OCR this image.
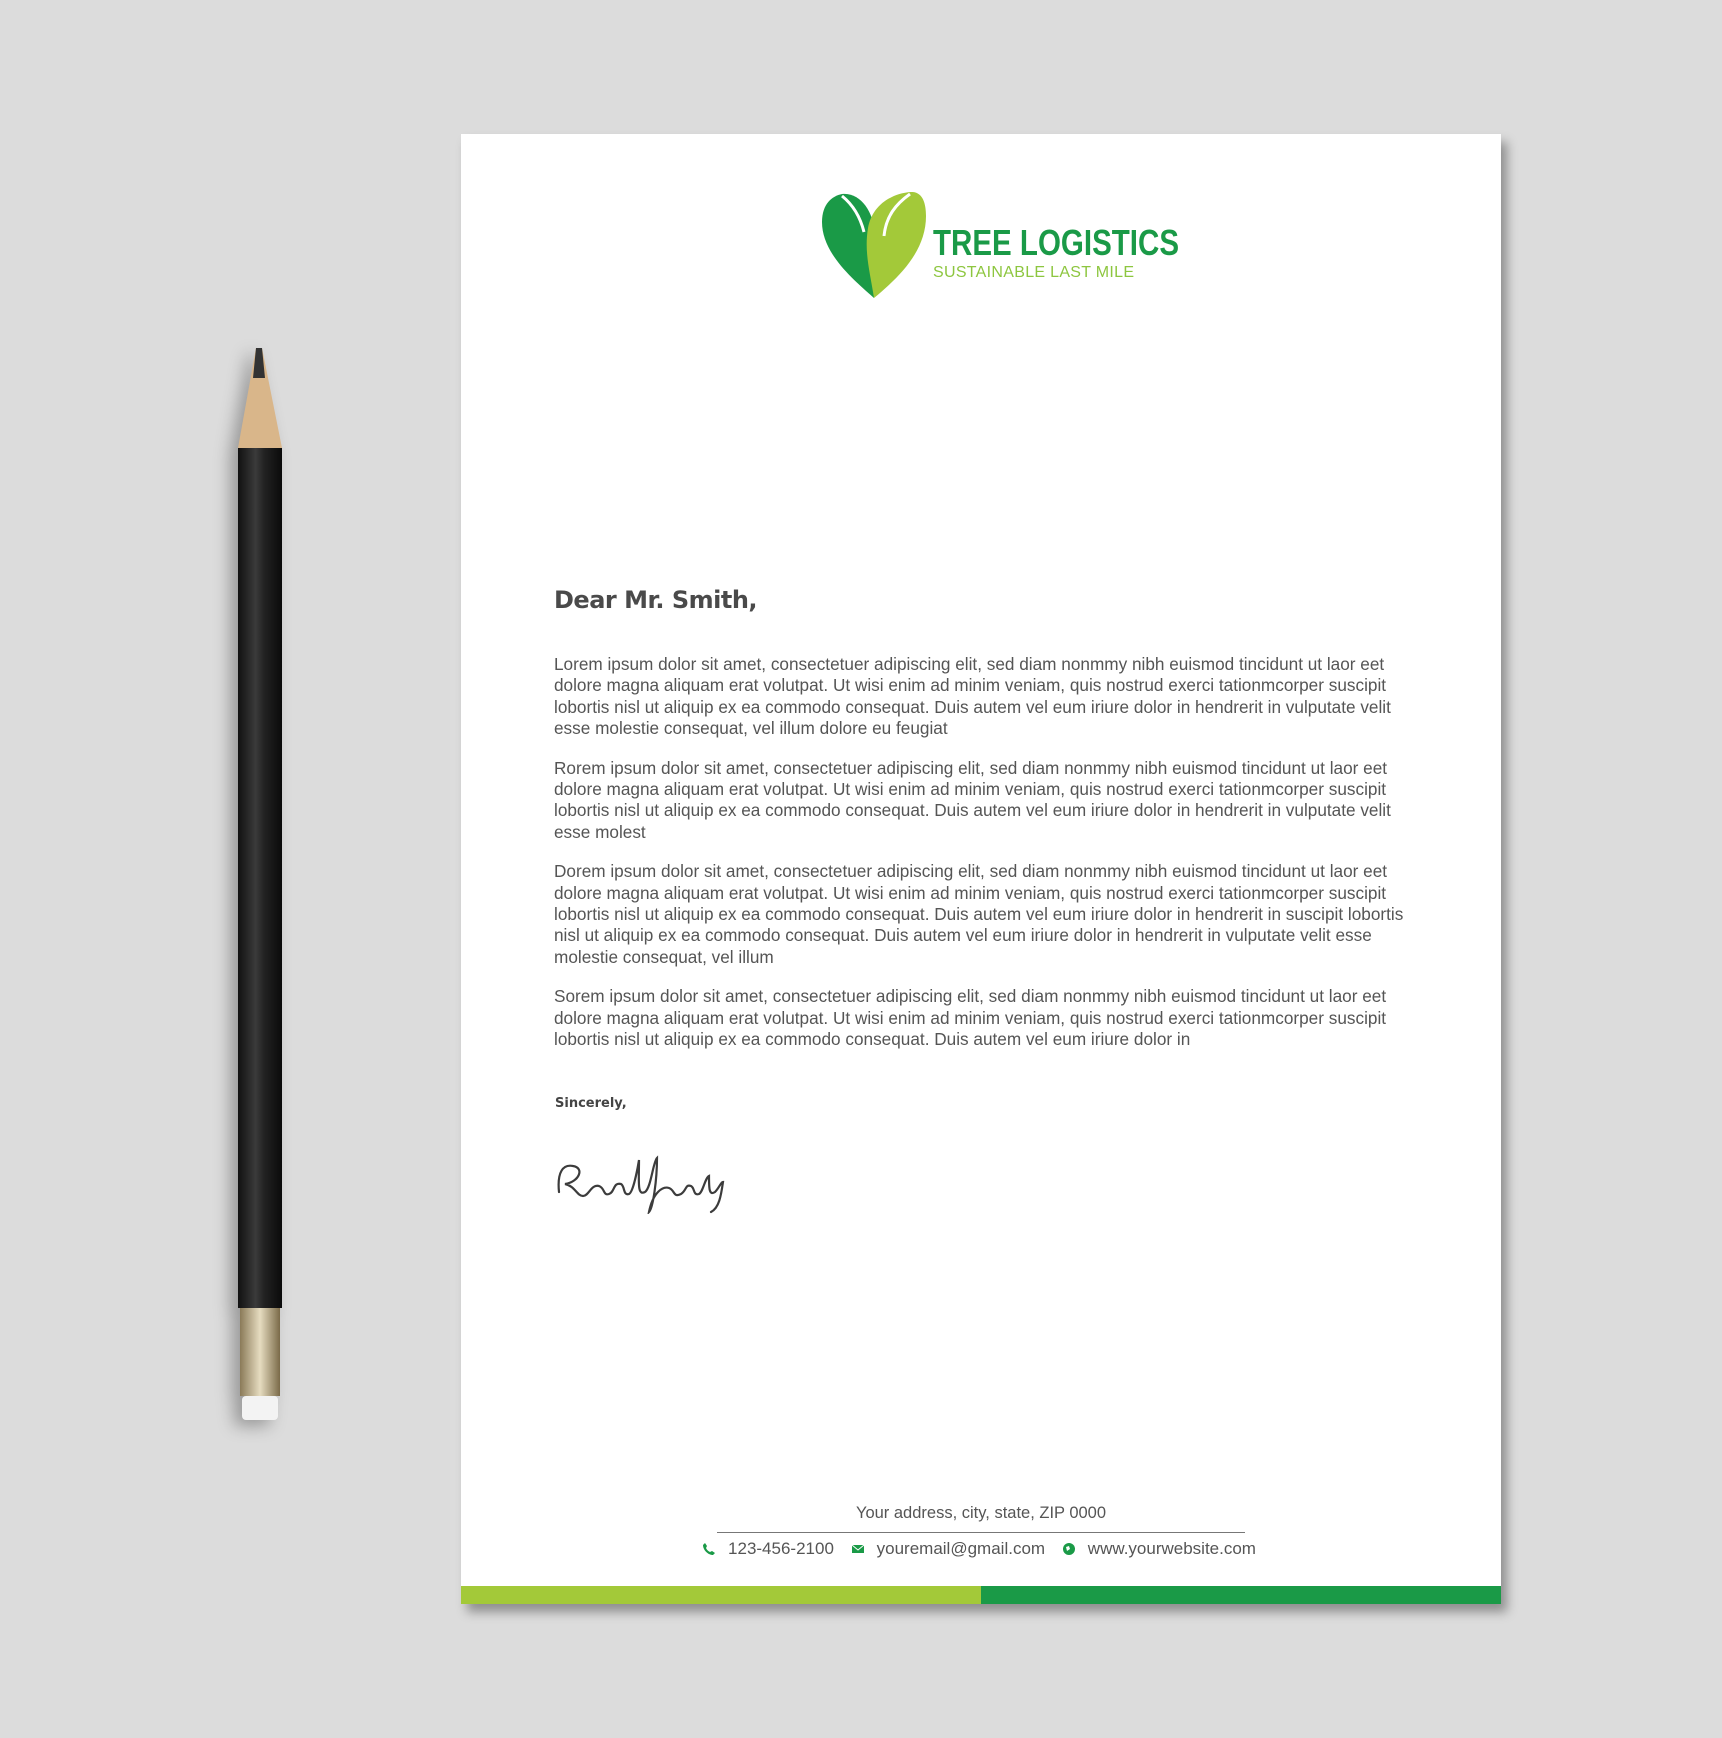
TREE LOGISTICS
SUSTAINABLE LAST MILE
Dear Mr. Smith,

Lorem ipsum dolor sit amet, consectetuer adipiscing elit, sed diam nonmmy nibh euismod tincidunt ut laor eet dolore magna aliquam erat volutpat. Ut wisi enim ad minim veniam, quis nostrud exerci tationmcorper suscipit lobortis nisl ut aliquip ex ea commodo consequat. Duis autem vel eum iriure dolor in hendrerit in vulputate velit esse molestie consequat, vel illum dolore eu feugiat

Rorem ipsum dolor sit amet, consectetuer adipiscing elit, sed diam nonmmy nibh euismod tincidunt ut laor eet dolore magna aliquam erat volutpat. Ut wisi enim ad minim veniam, quis nostrud exerci tationmcorper suscipit lobortis nisl ut aliquip ex ea commodo consequat. Duis autem vel eum iriure dolor in hendrerit in vulputate velit esse molest

Dorem ipsum dolor sit amet, consectetuer adipiscing elit, sed diam nonmmy nibh euismod tincidunt ut laor eet dolore magna aliquam erat volutpat. Ut wisi enim ad minim veniam, quis nostrud exerci tationmcorper suscipit lobortis nisl ut aliquip ex ea commodo consequat. Duis autem vel eum iriure dolor in hendrerit in suscipit lobortis nisl ut aliquip ex ea commodo consequat. Duis autem vel eum iriure dolor in hendrerit in vulputate velit esse molestie consequat, vel illum

Sorem ipsum dolor sit amet, consectetuer adipiscing elit, sed diam nonmmy nibh euismod tincidunt ut laor eet dolore magna aliquam erat volutpat. Ut wisi enim ad minim veniam, quis nostrud exerci tationmcorper suscipit lobortis nisl ut aliquip ex ea commodo consequat. Duis autem vel eum iriure dolor in

Sincerely,
Your address, city, state, ZIP 0000
123-456-2100	youremail@gmail.com	www.yourwebsite.com
